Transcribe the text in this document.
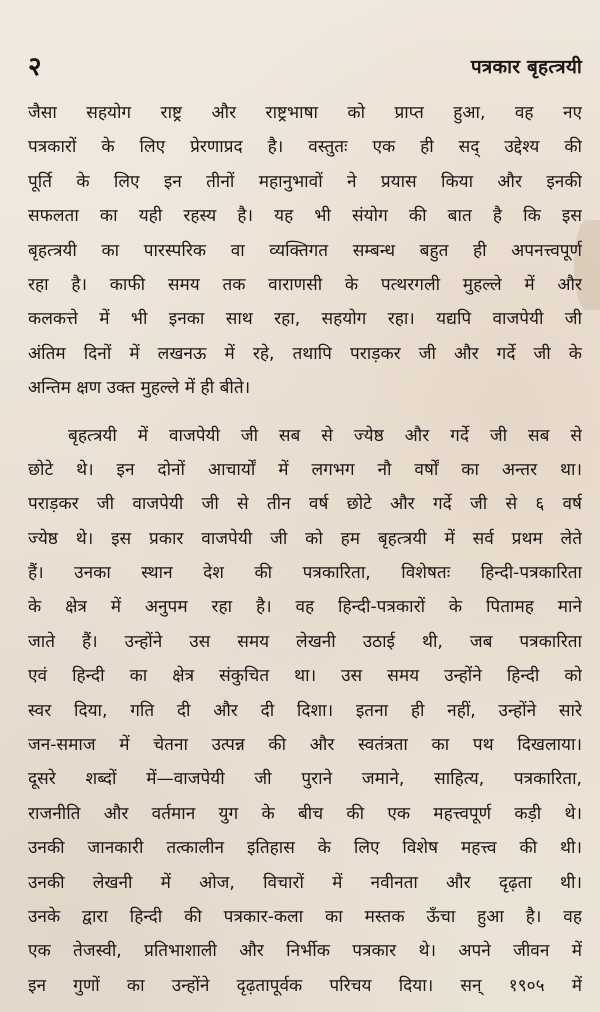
२	पत्रकार बृहत्त्रयी
जैसा सहयोग राष्ट्र और राष्ट्रभाषा को प्राप्त हुआ, वह नए
पत्रकारों के लिए प्रेरणाप्रद है। वस्तुतः एक ही सद् उद्देश्य की
पूर्ति के लिए इन तीनों महानुभावों ने प्रयास किया और इनकी
सफलता का यही रहस्य है। यह भी संयोग की बात है कि इस
बृहत्त्रयी का पारस्परिक वा व्यक्तिगत सम्बन्ध बहुत ही अपनत्त्वपूर्ण
रहा है। काफी समय तक वाराणसी के पत्थरगली मुहल्ले में और
कलकत्ते में भी इनका साथ रहा, सहयोग रहा। यद्यपि वाजपेयी जी
अंतिम दिनों में लखनऊ में रहे, तथापि पराड़कर जी और गर्दे जी के
अन्तिम क्षण उक्त मुहल्ले में ही बीते।
बृहत्त्रयी में वाजपेयी जी सब से ज्येष्ठ और गर्दे जी सब से
छोटे थे। इन दोनों आचार्यों में लगभग नौ वर्षों का अन्तर था।
पराड़कर जी वाजपेयी जी से तीन वर्ष छोटे और गर्दे जी से ६ वर्ष
ज्येष्ठ थे। इस प्रकार वाजपेयी जी को हम बृहत्त्रयी में सर्व प्रथम लेते
हैं। उनका स्थान देश की पत्रकारिता, विशेषतः हिन्दी-पत्रकारिता
के क्षेत्र में अनुपम रहा है। वह हिन्दी-पत्रकारों के पितामह माने
जाते हैं। उन्होंने उस समय लेखनी उठाई थी, जब पत्रकारिता
एवं हिन्दी का क्षेत्र संकुचित था। उस समय उन्होंने हिन्दी को
स्वर दिया, गति दी और दी दिशा। इतना ही नहीं, उन्होंने सारे
जन-समाज में चेतना उत्पन्न की और स्वतंत्रता का पथ दिखलाया।
दूसरे शब्दों में—वाजपेयी जी पुराने जमाने, साहित्य, पत्रकारिता,
राजनीति और वर्तमान युग के बीच की एक महत्त्वपूर्ण कड़ी थे।
उनकी जानकारी तत्कालीन इतिहास के लिए विशेष महत्त्व की थी।
उनकी लेखनी में ओज, विचारों में नवीनता और दृढ़ता थी।
उनके द्वारा हिन्दी की पत्रकार-कला का मस्तक ऊँचा हुआ है। वह
एक तेजस्वी, प्रतिभाशाली और निर्भीक पत्रकार थे। अपने जीवन में
इन गुणों का उन्होंने दृढ़तापूर्वक परिचय दिया। सन् १९०५ में
